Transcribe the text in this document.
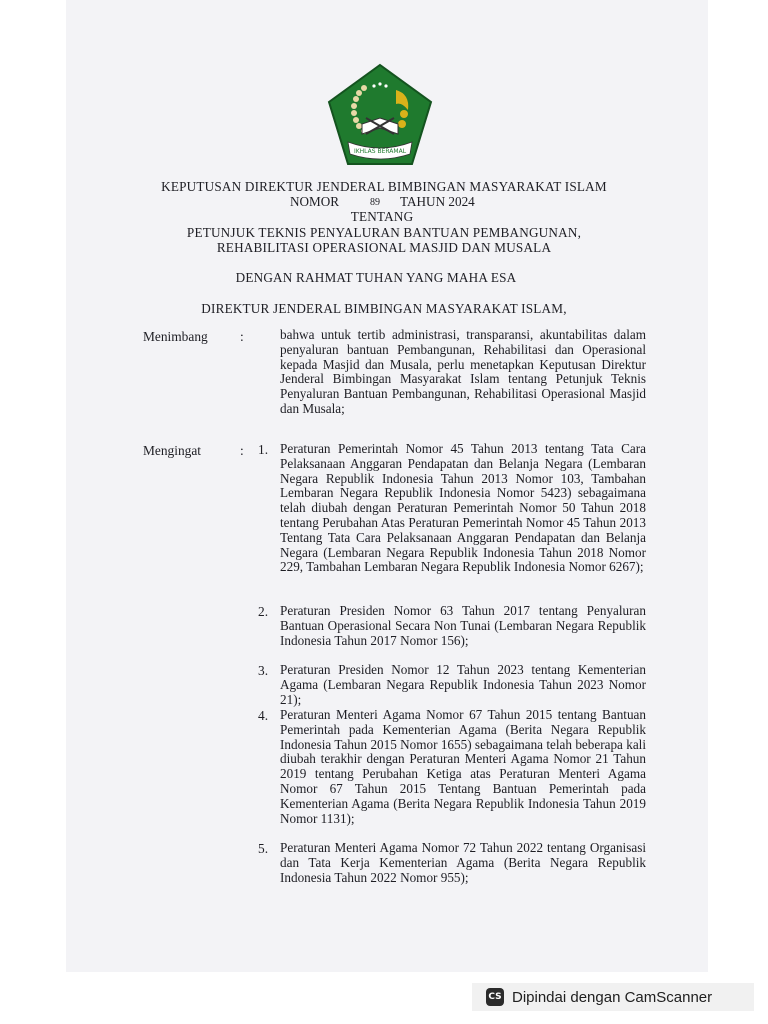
IKHLAS BERAMAL
KEPUTUSAN DIREKTUR JENDERAL BIMBINGAN MASYARAKAT ISLAM
NOMOR	89 TAHUN 2024
TENTANG
PETUNJUK TEKNIS PENYALURAN BANTUAN PEMBANGUNAN,
REHABILITASI OPERASIONAL MASJID DAN MUSALA
DENGAN RAHMAT TUHAN YANG MAHA ESA
DIREKTUR JENDERAL BIMBINGAN MASYARAKAT ISLAM,
Menimbang :	bahwa untuk tertib administrasi, transparansi, akuntabilitas dalam penyaluran bantuan Pembangunan, Rehabilitasi dan Operasional kepada Masjid dan Musala, perlu menetapkan Keputusan Direktur Jenderal Bimbingan Masyarakat Islam tentang Petunjuk Teknis Penyaluran Bantuan Pembangunan, Rehabilitasi Operasional Masjid dan Musala;
Mengingat	: 1. Peraturan Pemerintah Nomor 45 Tahun 2013 tentang Tata Cara Pelaksanaan Anggaran Pendapatan dan Belanja Negara (Lembaran Negara Republik Indonesia Tahun 2013 Nomor 103, Tambahan Lembaran Negara Republik Indonesia Nomor 5423) sebagaimana telah diubah dengan Peraturan Pemerintah Nomor 50 Tahun 2018 tentang Perubahan Atas Peraturan Pemerintah Nomor 45 Tahun 2013 Tentang Tata Cara Pelaksanaan Anggaran Pendapatan dan Belanja Negara (Lembaran Negara Republik Indonesia Tahun 2018 Nomor 229, Tambahan Lembaran Negara Republik Indonesia Nomor 6267);
2. Peraturan Presiden Nomor 63 Tahun 2017 tentang Penyaluran Bantuan Operasional Secara Non Tunai (Lembaran Negara Republik Indonesia Tahun 2017 Nomor 156);
3. Peraturan Presiden Nomor 12 Tahun 2023 tentang Kementerian Agama (Lembaran Negara Republik Indonesia Tahun 2023 Nomor 21);
4. Peraturan Menteri Agama Nomor 67 Tahun 2015 tentang Bantuan Pemerintah pada Kementerian Agama (Berita Negara Republik Indonesia Tahun 2015 Nomor 1655) sebagaimana telah beberapa kali diubah terakhir dengan Peraturan Menteri Agama Nomor 21 Tahun 2019 tentang Perubahan Ketiga atas Peraturan Menteri Agama Nomor 67 Tahun 2015 Tentang Bantuan Pemerintah pada Kementerian Agama (Berita Negara Republik Indonesia Tahun 2019 Nomor 1131);
5. Peraturan Menteri Agama Nomor 72 Tahun 2022 tentang Organisasi dan Tata Kerja Kementerian Agama (Berita Negara Republik Indonesia Tahun 2022 Nomor 955);
CS Dipindai dengan CamScanner
